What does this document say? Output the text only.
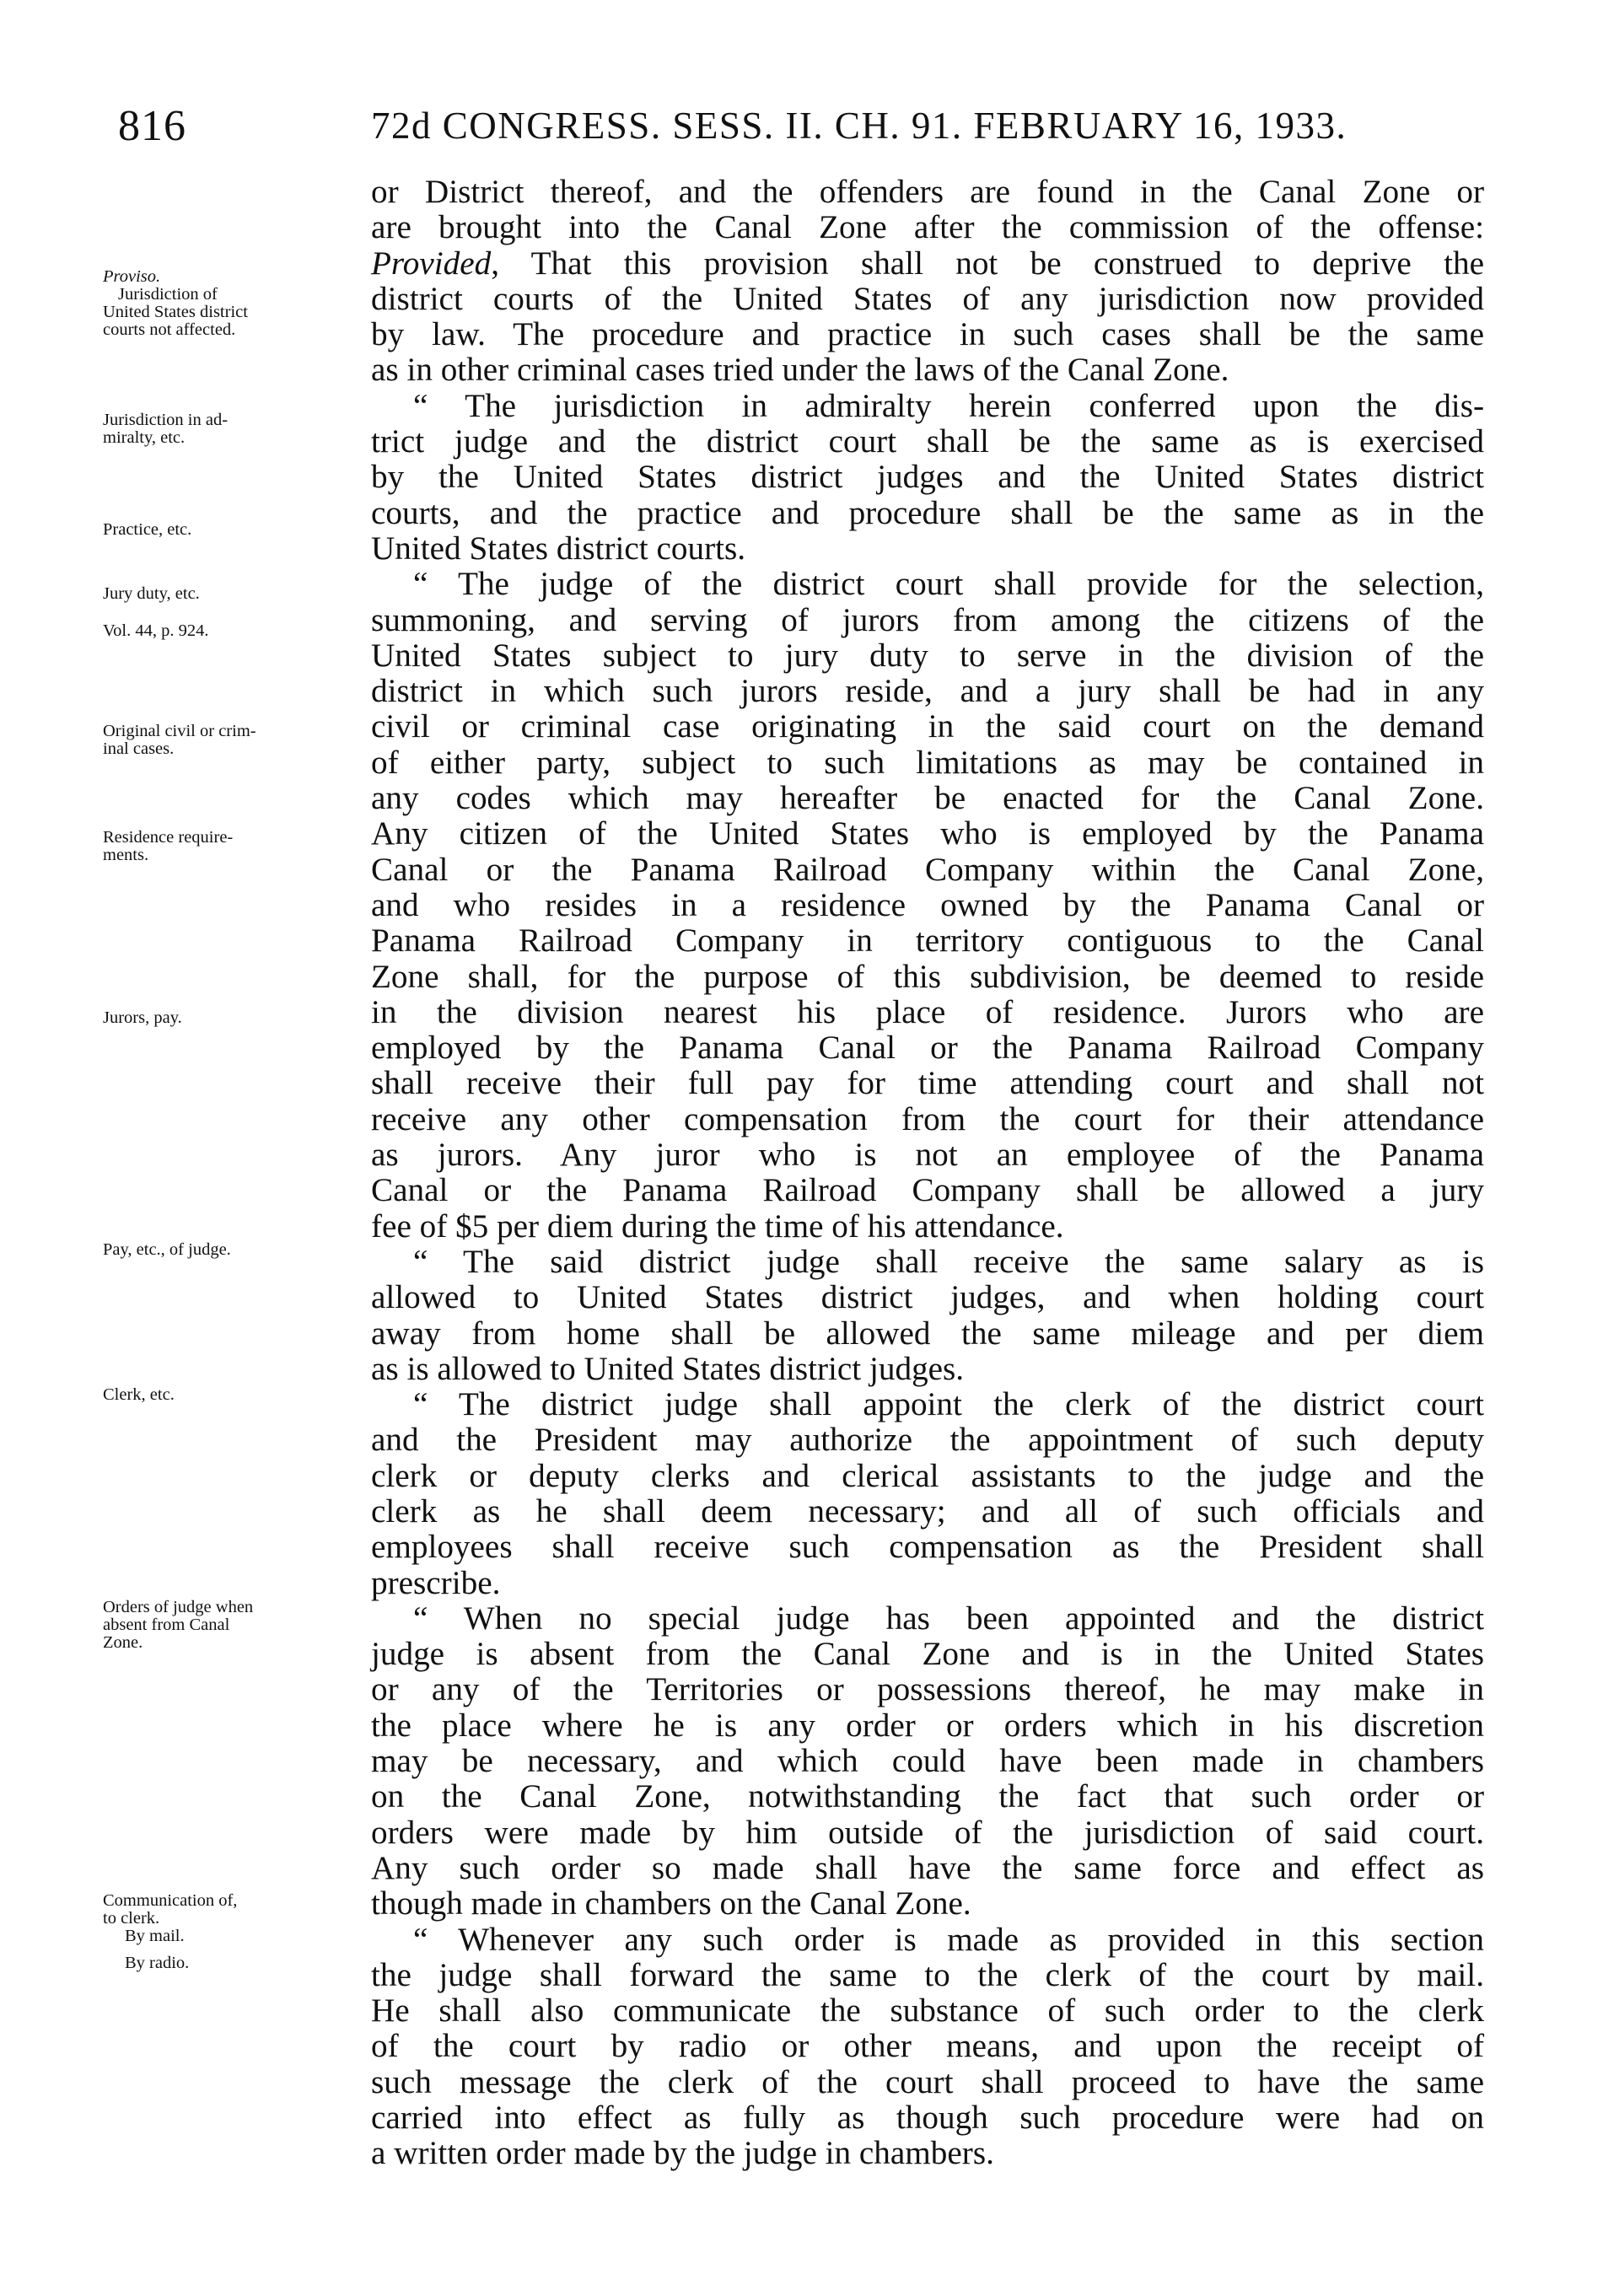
816	72d CONGRESS. SESS. II. CH. 91. FEBRUARY 16, 1933.
Proviso.
Jurisdiction of
United States district
courts not affected.
Jurisdiction in ad-
miralty, etc.
Practice, etc.
Jury duty, etc.
Vol. 44, p. 924.
Original civil or crim-
inal cases.
Residence require-
ments.
Jurors, pay.
Pay, etc., of judge.
Clerk, etc.
Orders of judge when
absent from Canal
Zone.
Communication of,
to clerk.
By mail.
By radio.
or District thereof, and the offenders are found in the Canal Zone or
are brought into the Canal Zone after the commission of the offense:
Provided, That this provision shall not be construed to deprive the
district courts of the United States of any jurisdiction now provided
by law. The procedure and practice in such cases shall be the same
as in other criminal cases tried under the laws of the Canal Zone.
“ The jurisdiction in admiralty herein conferred upon the dis-
trict judge and the district court shall be the same as is exercised
by the United States district judges and the United States district
courts, and the practice and procedure shall be the same as in the
United States district courts.
“ The judge of the district court shall provide for the selection,
summoning, and serving of jurors from among the citizens of the
United States subject to jury duty to serve in the division of the
district in which such jurors reside, and a jury shall be had in any
civil or criminal case originating in the said court on the demand
of either party, subject to such limitations as may be contained in
any codes which may hereafter be enacted for the Canal Zone.
Any citizen of the United States who is employed by the Panama
Canal or the Panama Railroad Company within the Canal Zone,
and who resides in a residence owned by the Panama Canal or
Panama Railroad Company in territory contiguous to the Canal
Zone shall, for the purpose of this subdivision, be deemed to reside
in the division nearest his place of residence. Jurors who are
employed by the Panama Canal or the Panama Railroad Company
shall receive their full pay for time attending court and shall not
receive any other compensation from the court for their attendance
as jurors. Any juror who is not an employee of the Panama
Canal or the Panama Railroad Company shall be allowed a jury
fee of $5 per diem during the time of his attendance.
“ The said district judge shall receive the same salary as is
allowed to United States district judges, and when holding court
away from home shall be allowed the same mileage and per diem
as is allowed to United States district judges.
“ The district judge shall appoint the clerk of the district court
and the President may authorize the appointment of such deputy
clerk or deputy clerks and clerical assistants to the judge and the
clerk as he shall deem necessary; and all of such officials and
employees shall receive such compensation as the President shall
prescribe.
“ When no special judge has been appointed and the district
judge is absent from the Canal Zone and is in the United States
or any of the Territories or possessions thereof, he may make in
the place where he is any order or orders which in his discretion
may be necessary, and which could have been made in chambers
on the Canal Zone, notwithstanding the fact that such order or
orders were made by him outside of the jurisdiction of said court.
Any such order so made shall have the same force and effect as
though made in chambers on the Canal Zone.
“ Whenever any such order is made as provided in this section
the judge shall forward the same to the clerk of the court by mail.
He shall also communicate the substance of such order to the clerk
of the court by radio or other means, and upon the receipt of
such message the clerk of the court shall proceed to have the same
carried into effect as fully as though such procedure were had on
a written order made by the judge in chambers.
